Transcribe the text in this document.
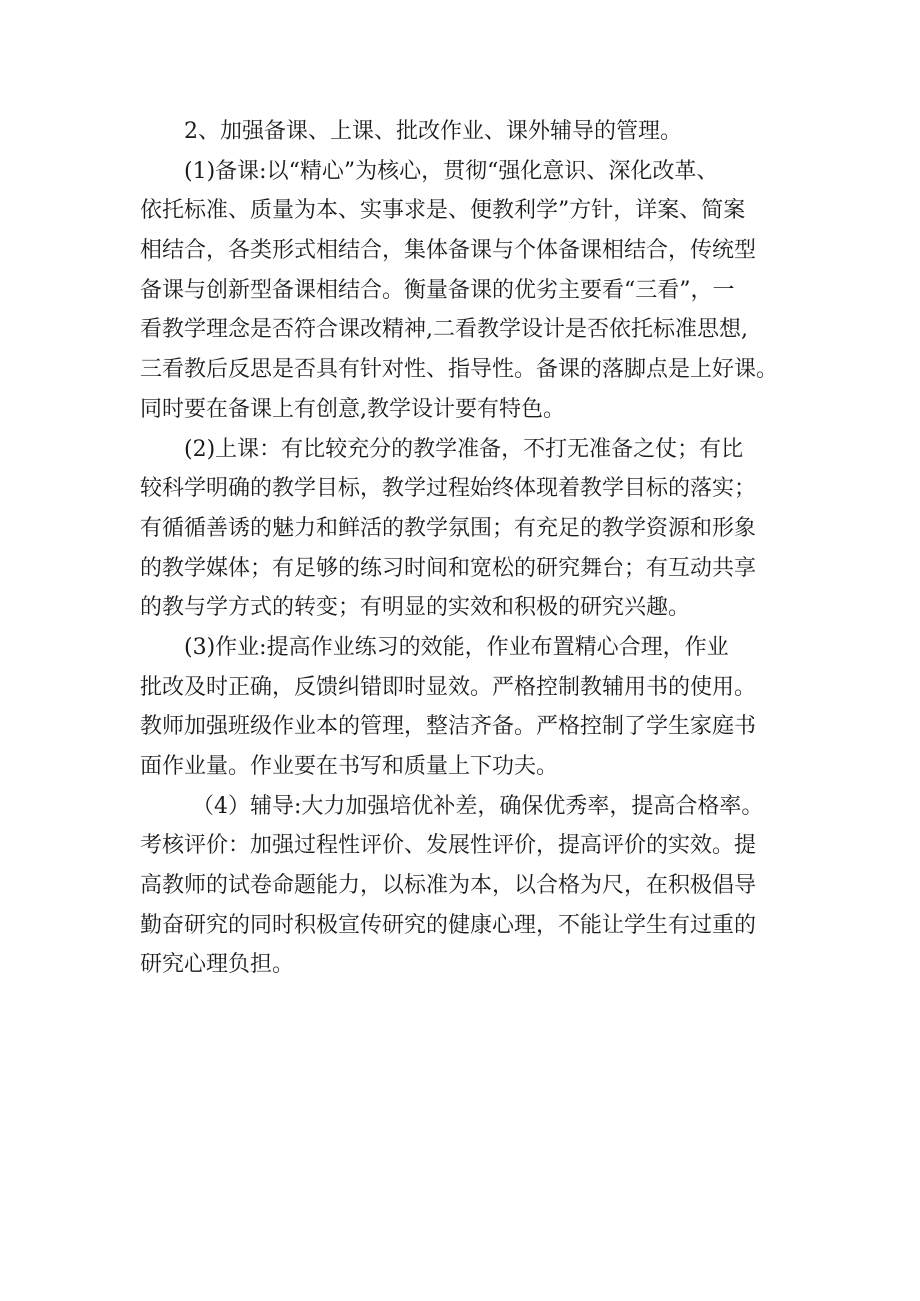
2、加强备课、上课、批改作业、课外辅导的管理。
(1)备课:以“精心”为核心，贯彻“强化意识、深化改革、
依托标准、质量为本、实事求是、便教利学”方针，详案、简案
相结合，各类形式相结合，集体备课与个体备课相结合，传统型
备课与创新型备课相结合。衡量备课的优劣主要看“三看”，一
看教学理念是否符合课改精神,二看教学设计是否依托标准思想,
三看教后反思是否具有针对性、指导性。备课的落脚点是上好课。
同时要在备课上有创意,教学设计要有特色。
(2)上课：有比较充分的教学准备，不打无准备之仗；有比
较科学明确的教学目标，教学过程始终体现着教学目标的落实；
有循循善诱的魅力和鲜活的教学氛围；有充足的教学资源和形象
的教学媒体；有足够的练习时间和宽松的研究舞台；有互动共享
的教与学方式的转变；有明显的实效和积极的研究兴趣。
(3)作业:提高作业练习的效能，作业布置精心合理，作业
批改及时正确，反馈纠错即时显效。严格控制教辅用书的使用。
教师加强班级作业本的管理，整洁齐备。严格控制了学生家庭书
面作业量。作业要在书写和质量上下功夫。
（4）辅导:大力加强培优补差，确保优秀率，提高合格率。
考核评价：加强过程性评价、发展性评价，提高评价的实效。提
高教师的试卷命题能力，以标准为本，以合格为尺，在积极倡导
勤奋研究的同时积极宣传研究的健康心理，不能让学生有过重的
研究心理负担。
